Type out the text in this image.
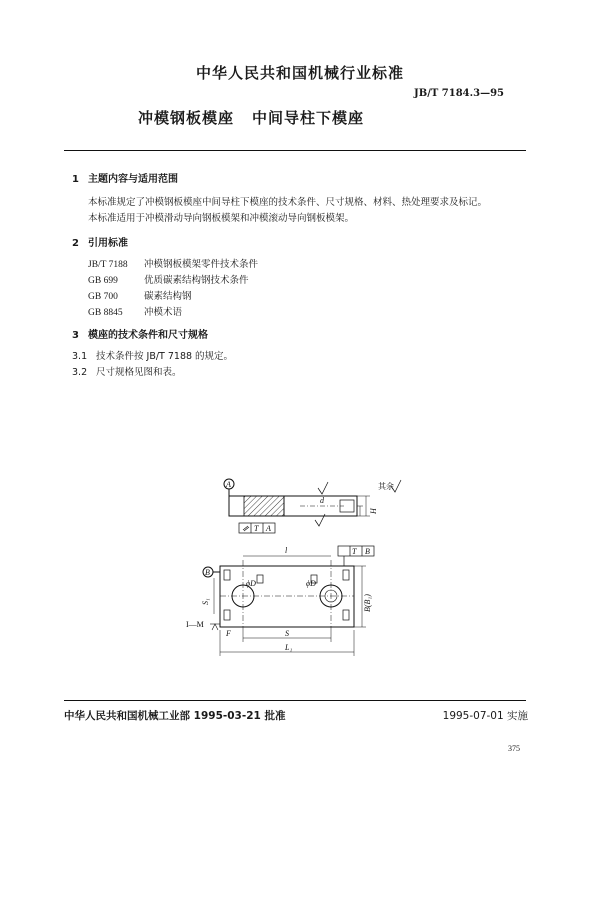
中华人民共和国机械行业标准
JB/T 7184.3—95
冲模钢板模座 中间导柱下模座
1 主题内容与适用范围
本标准规定了冲模钢板模座中间导柱下模座的技术条件、尺寸规格、材料、热处理要求及标记。
本标准适用于冲模滑动导向钢板模架和冲模滚动导向钢板模架。
2 引用标准
JB/T 7188 冲模钢板模架零件技术条件
GB 699	优质碳素结构钢技术条件
GB 700	碳素结构钢
GB 8845 冲模术语
3 模座的技术条件和尺寸规格
3.1 技术条件按 JB/T 7188 的规定。
3.2 尺寸规格见图和表。
A
B
其余
T A
T B
l
S
L₁
F
B(B₁)
S₁
ϕD	ϕD
H
I—M
d
中华人民共和国机械工业部 1995-03-21 批准	1995-07-01 实施
375
